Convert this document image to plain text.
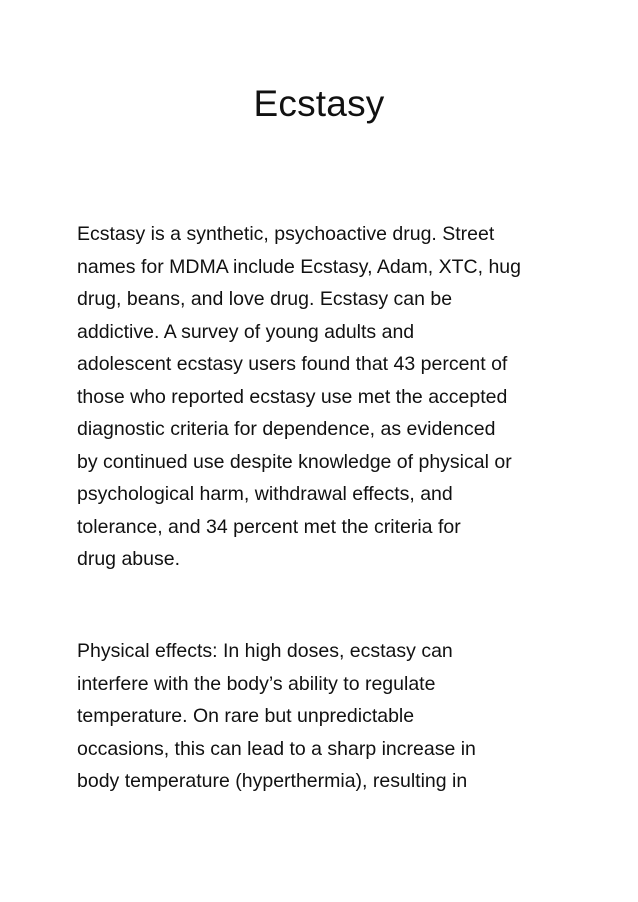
Ecstasy

Ecstasy is a synthetic, psychoactive drug. Street
names for MDMA include Ecstasy, Adam, XTC, hug
drug, beans, and love drug. Ecstasy can be
addictive. A survey of young adults and
adolescent ecstasy users found that 43 percent of
those who reported ecstasy use met the accepted
diagnostic criteria for dependence, as evidenced
by continued use despite knowledge of physical or
psychological harm, withdrawal effects, and
tolerance, and 34 percent met the criteria for
drug abuse.

Physical effects: In high doses, ecstasy can
interfere with the body’s ability to regulate
temperature. On rare but unpredictable
occasions, this can lead to a sharp increase in
body temperature (hyperthermia), resulting in
